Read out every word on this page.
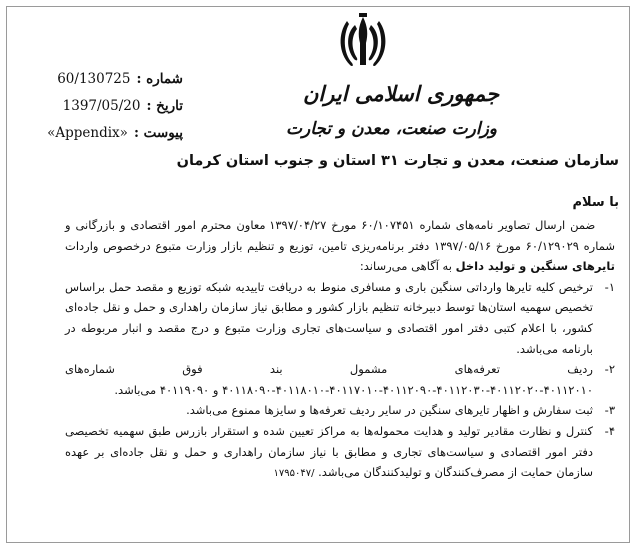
جمهوری اسلامی ایران
وزارت صنعت، معدن و تجارت
شماره :
60/130725
تاریخ :
1397/05/20
پیوست :
«Appendix»
سازمان صنعت، معدن و تجارت ۳۱ استان و جنوب استان کرمان
با سلام

ضمن ارسال تصاویر نامه‌های شماره ۶۰/۱۰۷۴۵۱ مورخ ۱۳۹۷/۰۴/۲۷ معاون محترم امور اقتصادی و بازرگانی و شماره ۶۰/۱۲۹۰۲۹ مورخ ۱۳۹۷/۰۵/۱۶ دفتر برنامه‌ریزی تامین، توزیع و تنظیم بازار وزارت متبوع درخصوص واردات تایرهای سنگین و تولید داخل به آگاهی می‌رساند:

۱-
ترخیص کلیه تایرها وارداتی سنگین باری و مسافری منوط به دریافت تاییدیه شبکه توزیع و مقصد حمل براساس تخصیص سهمیه استان‌ها توسط دبیرخانه تنظیم بازار کشور و مطابق نیاز سازمان راهداری و حمل و نقل جاده‌ای کشور، با اعلام کتبی دفتر امور اقتصادی و سیاست‌های تجاری وزارت متبوع و درج مقصد و انبار مربوطه در بارنامه می‌باشد.
۲-
ردیف تعرفه‌های مشمول بند فوق شماره‌های ۴۰۱۱۲۰۱۰-۴۰۱۱۲۰۲۰-۴۰۱۱۲۰۳۰-۴۰۱۱۲۰۹۰-۴۰۱۱۷۰۱۰-۴۰۱۱۸۰۱۰-۴۰۱۱۸۰۹۰ و ۴۰۱۱۹۰۹۰ می‌باشد.
۳-
ثبت سفارش و اظهار تایرهای سنگین در سایر ردیف تعرفه‌ها و سایزها ممنوع می‌باشد.
۴-
کنترل و نظارت مقادیر تولید و هدایت محموله‌ها به مراکز تعیین شده و استقرار بازرس طبق سهمیه تخصیصی دفتر امور اقتصادی و سیاست‌های تجاری و مطابق با نیاز سازمان راهداری و حمل و نقل جاده‌ای بر عهده سازمان حمایت از مصرف‌کنندگان و تولیدکنندگان می‌باشد. ۱۷۹۵۰۴۷/
